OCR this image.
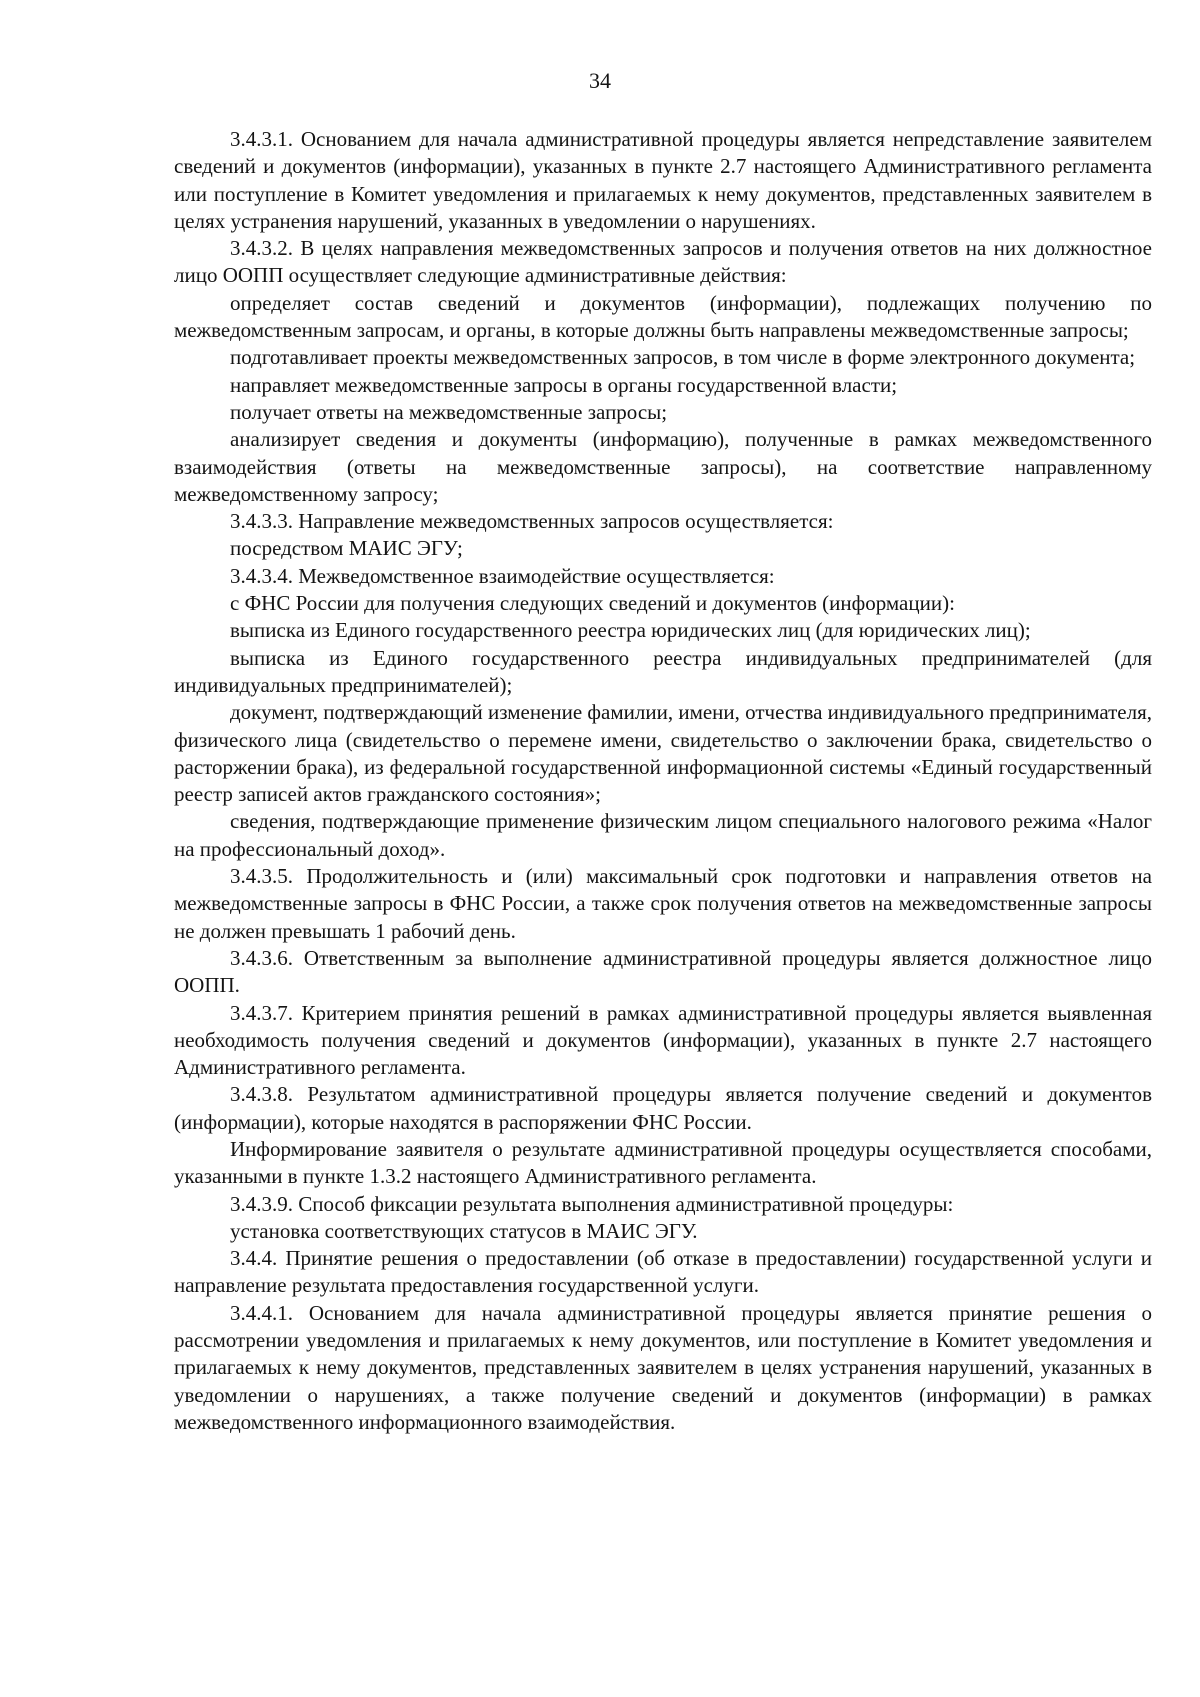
34

3.4.3.1. Основанием для начала административной процедуры является непредставление заявителем сведений и документов (информации), указанных в пункте 2.7 настоящего Административного регламента или поступление в Комитет уведомления и прилагаемых к нему документов, представленных заявителем в целях устранения нарушений, указанных в уведомлении о нарушениях.

3.4.3.2. В целях направления межведомственных запросов и получения ответов на них должностное лицо ООПП осуществляет следующие административные действия:

определяет состав сведений и документов (информации), подлежащих получению по межведомственным запросам, и органы, в которые должны быть направлены межведомственные запросы;

подготавливает проекты межведомственных запросов, в том числе в форме электронного документа;

направляет межведомственные запросы в органы государственной власти;

получает ответы на межведомственные запросы;

анализирует сведения и документы (информацию), полученные в рамках межведомственного взаимодействия (ответы на межведомственные запросы), на соответствие направленному межведомственному запросу;

3.4.3.3. Направление межведомственных запросов осуществляется:

посредством МАИС ЭГУ;

3.4.3.4. Межведомственное взаимодействие осуществляется:

с ФНС России для получения следующих сведений и документов (информации):

выписка из Единого государственного реестра юридических лиц (для юридических лиц);

выписка из Единого государственного реестра индивидуальных предпринимателей (для индивидуальных предпринимателей);

документ, подтверждающий изменение фамилии, имени, отчества индивидуального предпринимателя, физического лица (свидетельство о перемене имени, свидетельство о заключении брака, свидетельство о расторжении брака), из федеральной государственной информационной системы «Единый государственный реестр записей актов гражданского состояния»;

сведения, подтверждающие применение физическим лицом специального налогового режима «Налог на профессиональный доход».

3.4.3.5. Продолжительность и (или) максимальный срок подготовки и направления ответов на межведомственные запросы в ФНС России, а также срок получения ответов на межведомственные запросы не должен превышать 1 рабочий день.

3.4.3.6. Ответственным за выполнение административной процедуры является должностное лицо ООПП.

3.4.3.7. Критерием принятия решений в рамках административной процедуры является выявленная необходимость получения сведений и документов (информации), указанных в пункте 2.7 настоящего Административного регламента.

3.4.3.8. Результатом административной процедуры является получение сведений и документов (информации), которые находятся в распоряжении ФНС России.

Информирование заявителя о результате административной процедуры осуществляется способами, указанными в пункте 1.3.2 настоящего Административного регламента.

3.4.3.9. Способ фиксации результата выполнения административной процедуры:

установка соответствующих статусов в МАИС ЭГУ.

3.4.4. Принятие решения о предоставлении (об отказе в предоставлении) государственной услуги и направление результата предоставления государственной услуги.

3.4.4.1. Основанием для начала административной процедуры является принятие решения о рассмотрении уведомления и прилагаемых к нему документов, или поступление в Комитет уведомления и прилагаемых к нему документов, представленных заявителем в целях устранения нарушений, указанных в уведомлении о нарушениях, а также получение сведений и документов (информации) в рамках межведомственного информационного взаимодействия.
